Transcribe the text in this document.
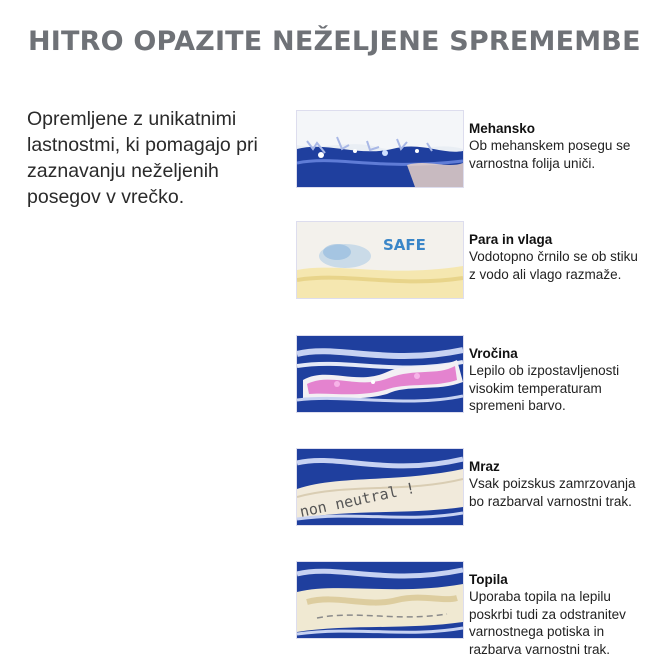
HITRO OPAZITE NEŽELJENE SPREMEMBE
Opremljene z unikatnimi lastnostmi, ki pomagajo pri zaznavanju neželjenih posegov v vrečko.
Mehansko
Ob mehanskem posegu se
varnostna folija uniči.
SAFE	Para in vlaga
Vodotopno črnilo se ob stiku
z vodo ali vlago razmaže.
Vročina
Lepilo ob izpostavljenosti
visokim temperaturam
spremeni barvo.
non neutral !
Mraz
Vsak poizskus zamrzovanja
bo razbarval varnostni trak.
Topila
Uporaba topila na lepilu
poskrbi tudi za odstranitev
varnostnega potiska in
razbarva varnostni trak.
